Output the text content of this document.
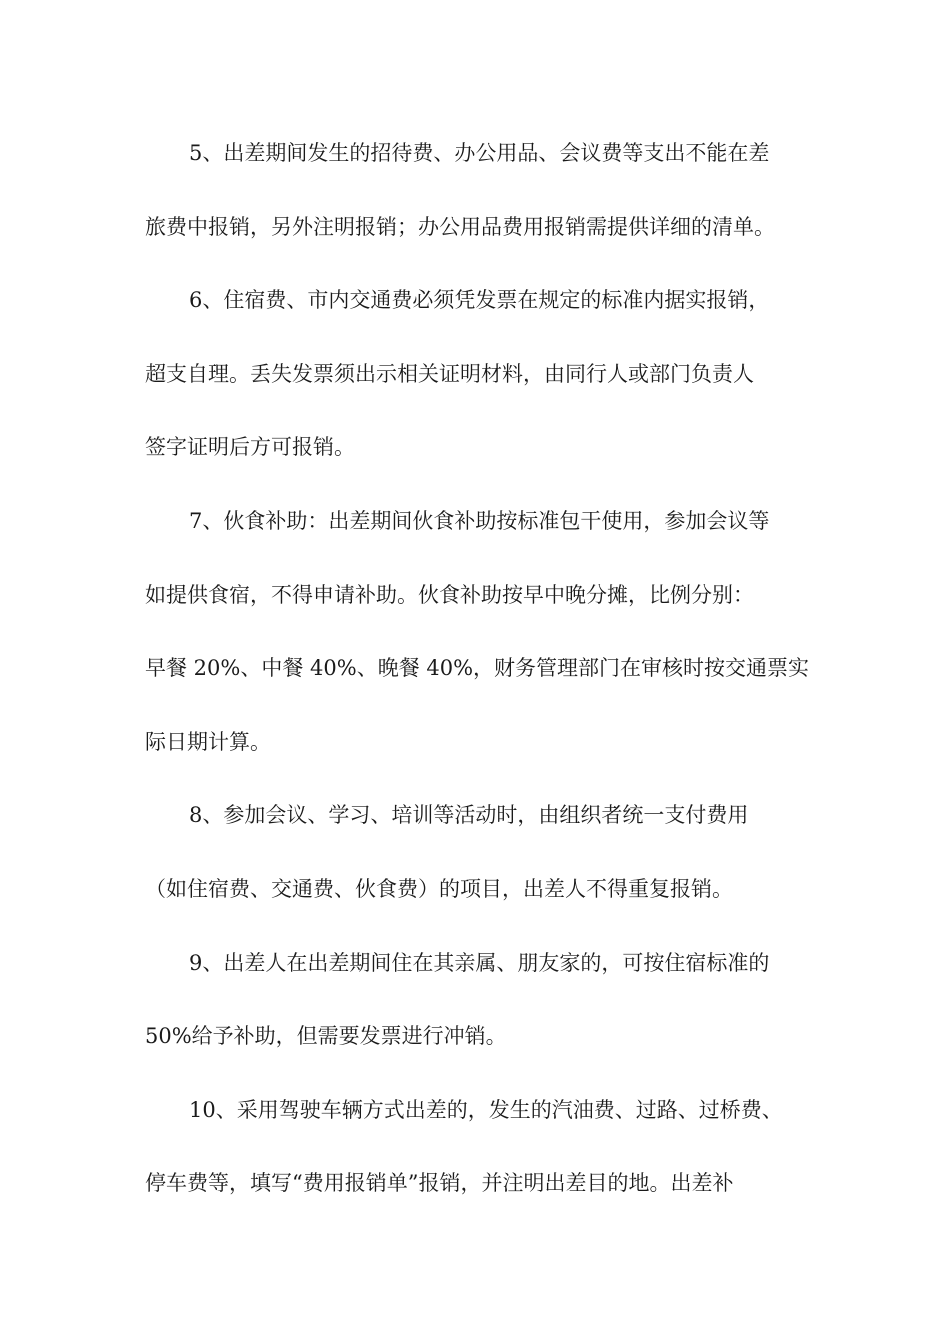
5、出差期间发生的招待费、办公用品、会议费等支出不能在差
旅费中报销，另外注明报销；办公用品费用报销需提供详细的清单。
6、住宿费、市内交通费必须凭发票在规定的标准内据实报销，
超支自理。丢失发票须出示相关证明材料，由同行人或部门负责人
签字证明后方可报销。
7、伙食补助：出差期间伙食补助按标准包干使用，参加会议等
如提供食宿，不得申请补助。伙食补助按早中晚分摊，比例分别：
早餐 20%、中餐 40%、晚餐 40%，财务管理部门在审核时按交通票实
际日期计算。
8、参加会议、学习、培训等活动时，由组织者统一支付费用
（如住宿费、交通费、伙食费）的项目，出差人不得重复报销。
9、出差人在出差期间住在其亲属、朋友家的，可按住宿标准的
50%给予补助，但需要发票进行冲销。
10、采用驾驶车辆方式出差的，发生的汽油费、过路、过桥费、
停车费等，填写“费用报销单”报销，并注明出差目的地。出差补
